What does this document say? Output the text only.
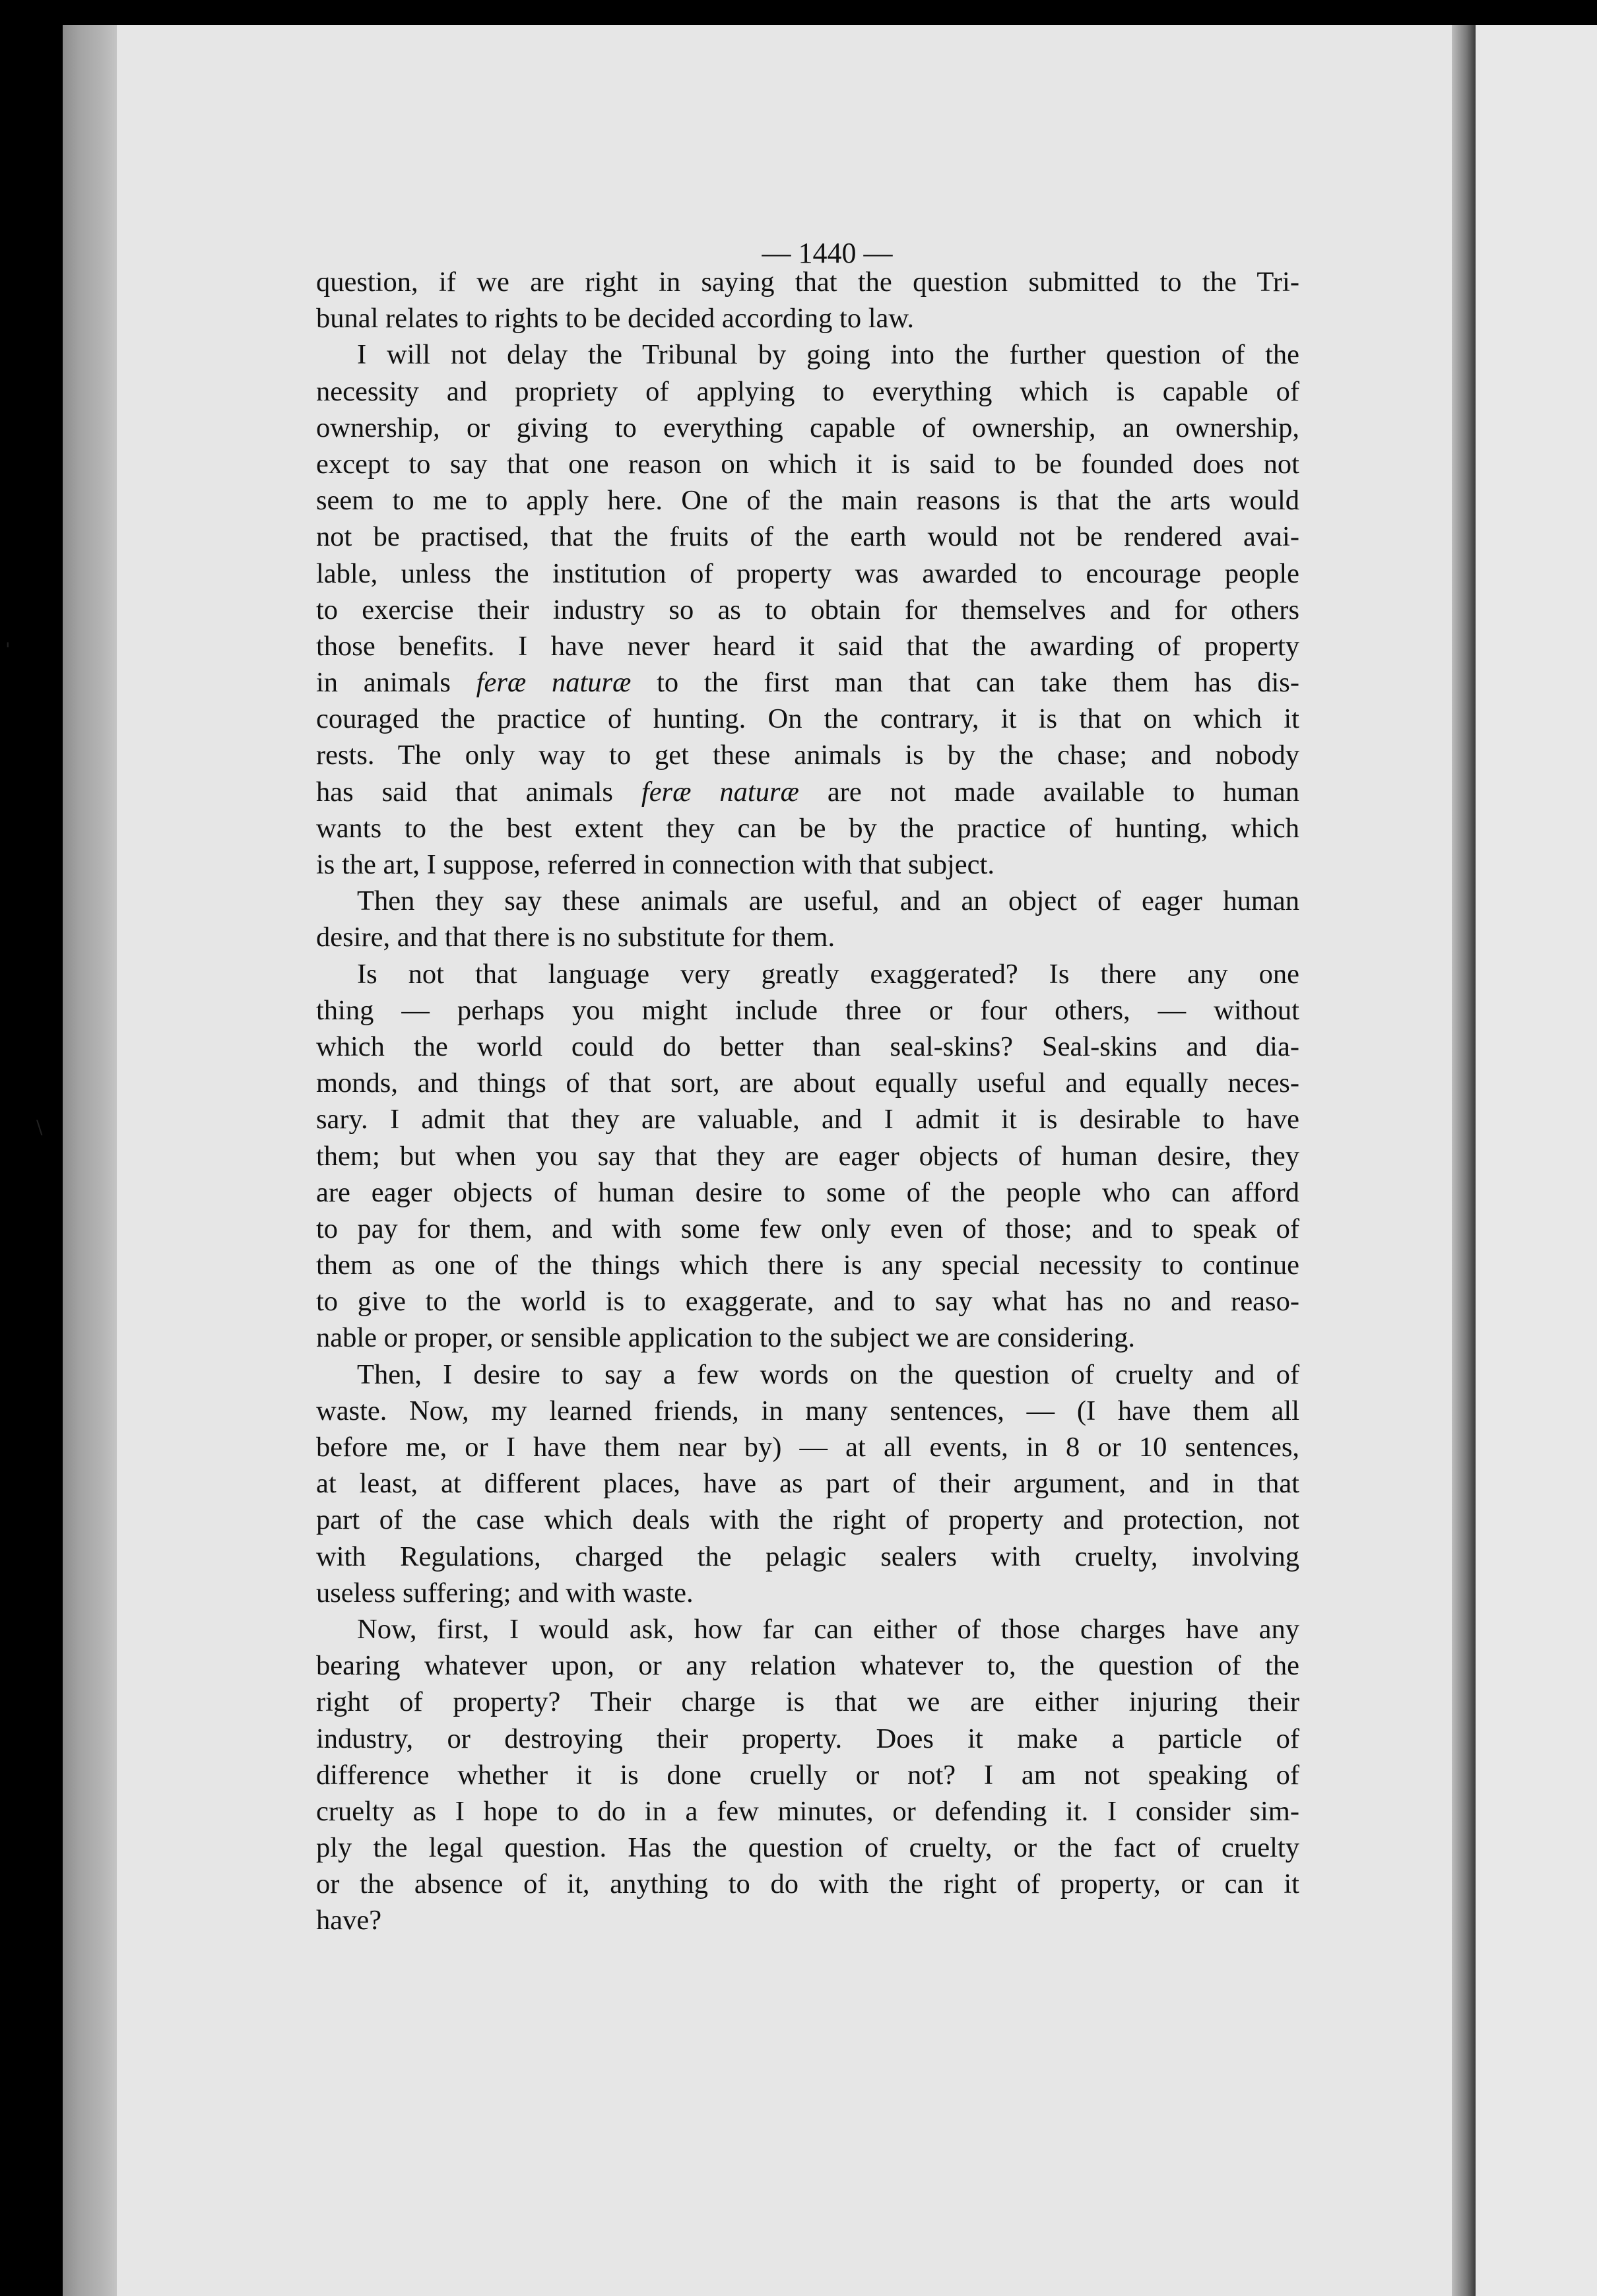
— 1440 —
'
\
question, if we are right in saying that the question submitted to the Tri-
bunal relates to rights to be decided according to law.
I will not delay the Tribunal by going into the further question of the
necessity and propriety of applying to everything which is capable of
ownership, or giving to everything capable of ownership, an ownership,
except to say that one reason on which it is said to be founded does not
seem to me to apply here. One of the main reasons is that the arts would
not be practised, that the fruits of the earth would not be rendered avai-
lable, unless the institution of property was awarded to encourage people
to exercise their industry so as to obtain for themselves and for others
those benefits. I have never heard it said that the awarding of property
in animals feræ naturæ to the first man that can take them has dis-
couraged the practice of hunting. On the contrary, it is that on which it
rests. The only way to get these animals is by the chase; and nobody
has said that animals feræ naturæ are not made available to human
wants to the best extent they can be by the practice of hunting, which
is the art, I suppose, referred in connection with that subject.
Then they say these animals are useful, and an object of eager human
desire, and that there is no substitute for them.
Is not that language very greatly exaggerated? Is there any one
thing — perhaps you might include three or four others, — without
which the world could do better than seal-skins? Seal-skins and dia-
monds, and things of that sort, are about equally useful and equally neces-
sary. I admit that they are valuable, and I admit it is desirable to have
them; but when you say that they are eager objects of human desire, they
are eager objects of human desire to some of the people who can afford
to pay for them, and with some few only even of those; and to speak of
them as one of the things which there is any special necessity to continue
to give to the world is to exaggerate, and to say what has no and reaso-
nable or proper, or sensible application to the subject we are considering.
Then, I desire to say a few words on the question of cruelty and of
waste. Now, my learned friends, in many sentences, — (I have them all
before me, or I have them near by) — at all events, in 8 or 10 sentences,
at least, at different places, have as part of their argument, and in that
part of the case which deals with the right of property and protection, not
with Regulations, charged the pelagic sealers with cruelty, involving
useless suffering; and with waste.
Now, first, I would ask, how far can either of those charges have any
bearing whatever upon, or any relation whatever to, the question of the
right of property? Their charge is that we are either injuring their
industry, or destroying their property. Does it make a particle of
difference whether it is done cruelly or not? I am not speaking of
cruelty as I hope to do in a few minutes, or defending it. I consider sim-
ply the legal question. Has the question of cruelty, or the fact of cruelty
or the absence of it, anything to do with the right of property, or can it
have?
